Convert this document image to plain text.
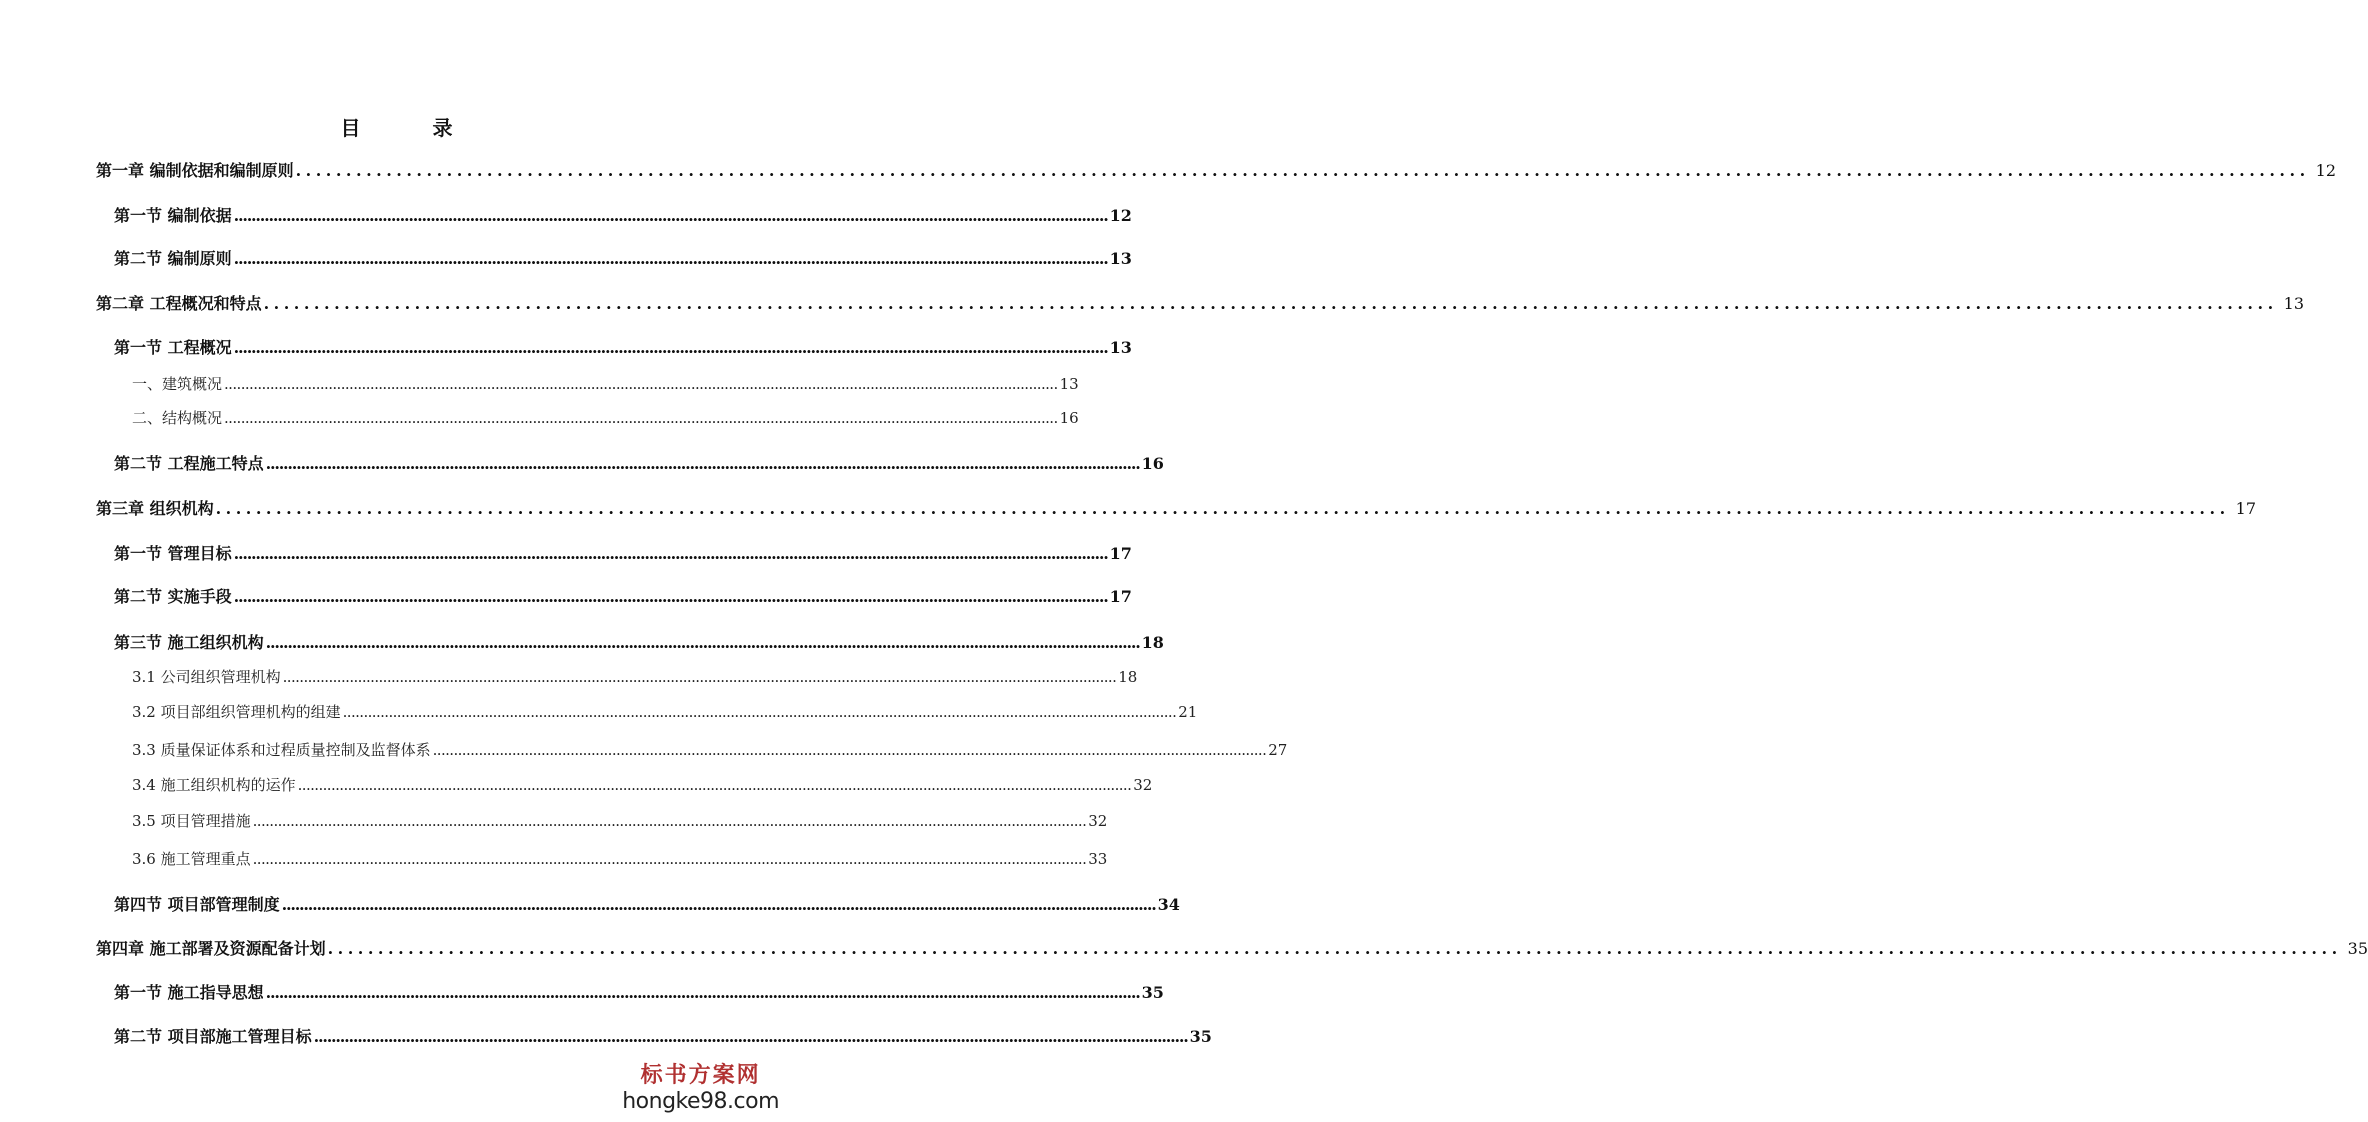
目　录
第一章 编制依据和编制原则 ........................................................................................................................................................................................................ 12
第一节 编制依据 ........................................................................................................................................................................................................ 12
第二节 编制原则 ........................................................................................................................................................................................................ 13
第二章 工程概况和特点 ........................................................................................................................................................................................................ 13
第一节 工程概况 ........................................................................................................................................................................................................ 13
一、建筑概况 ........................................................................................................................................................................................................ 13
二、结构概况 ........................................................................................................................................................................................................ 16
第二节 工程施工特点 ........................................................................................................................................................................................................ 16
第三章 组织机构 ........................................................................................................................................................................................................ 17
第一节 管理目标 ........................................................................................................................................................................................................ 17
第二节 实施手段 ........................................................................................................................................................................................................ 17
第三节 施工组织机构 ........................................................................................................................................................................................................ 18
3.1 公司组织管理机构 ........................................................................................................................................................................................................ 18
3.2 项目部组织管理机构的组建 ........................................................................................................................................................................................................ 21
3.3 质量保证体系和过程质量控制及监督体系 ........................................................................................................................................................................................................ 27
3.4 施工组织机构的运作 ........................................................................................................................................................................................................ 32
3.5 项目管理措施 ........................................................................................................................................................................................................ 32
3.6 施工管理重点 ........................................................................................................................................................................................................ 33
第四节 项目部管理制度 ........................................................................................................................................................................................................ 34
第四章 施工部署及资源配备计划 ........................................................................................................................................................................................................ 35
第一节 施工指导思想 ........................................................................................................................................................................................................ 35
第二节 项目部施工管理目标 ........................................................................................................................................................................................................ 35
标书方案网
hongke98.com
